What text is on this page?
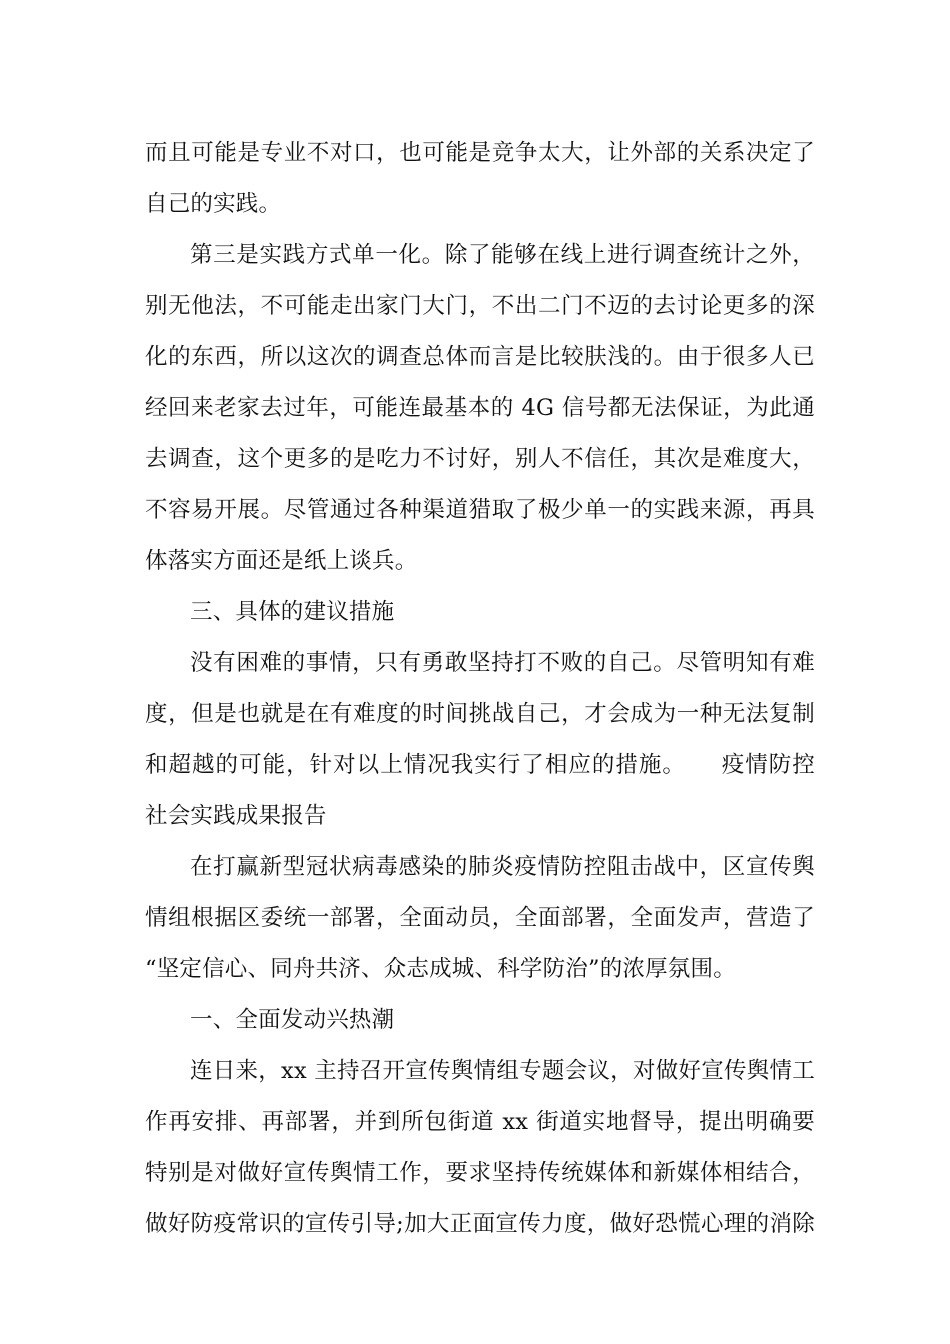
而且可能是专业不对口，也可能是竞争太大，让外部的关系决定了
自己的实践。
第三是实践方式单一化。除了能够在线上进行调查统计之外，
别无他法，不可能走出家门大门，不出二门不迈的去讨论更多的深
化的东西，所以这次的调查总体而言是比较肤浅的。由于很多人已
经回来老家去过年，可能连最基本的 4G 信号都无法保证，为此通
去调查，这个更多的是吃力不讨好，别人不信任，其次是难度大，
不容易开展。尽管通过各种渠道猎取了极少单一的实践来源，再具
体落实方面还是纸上谈兵。
三、具体的建议措施
没有困难的事情，只有勇敢坚持打不败的自己。尽管明知有难
度，但是也就是在有难度的时间挑战自己，才会成为一种无法复制
和超越的可能，针对以上情况我实行了相应的措施。　　疫情防控
社会实践成果报告
在打赢新型冠状病毒感染的肺炎疫情防控阻击战中，区宣传舆
情组根据区委统一部署，全面动员，全面部署，全面发声，营造了
“坚定信心、同舟共济、众志成城、科学防治”的浓厚氛围。
一、全面发动兴热潮
连日来，xx 主持召开宣传舆情组专题会议，对做好宣传舆情工
作再安排、再部署，并到所包街道 xx 街道实地督导，提出明确要
特别是对做好宣传舆情工作，要求坚持传统媒体和新媒体相结合，
做好防疫常识的宣传引导;加大正面宣传力度，做好恐慌心理的消除
